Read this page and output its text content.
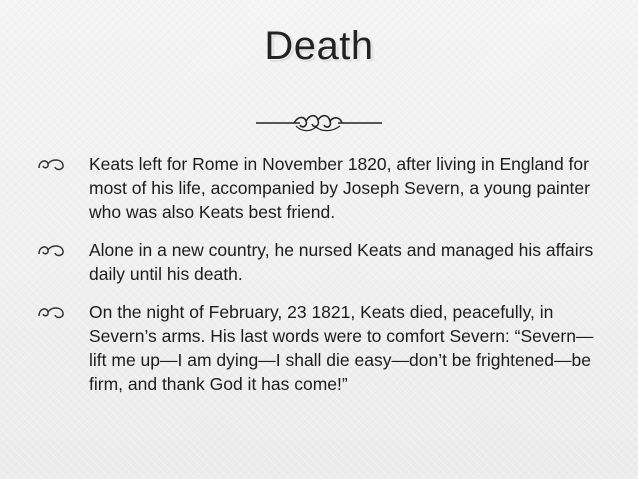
Death
Keats left for Rome in November 1820, after living in England for most of his life, accompanied by Joseph Severn, a young painter who was also Keats best friend.
Alone in a new country, he nursed Keats and managed his affairs daily until his death.
On the night of February, 23 1821, Keats died, peacefully, in Severn’s arms. His last words were to comfort Severn: “Severn—lift me up—I am dying—I shall die easy—don’t be frightened—be firm, and thank God it has come!”
